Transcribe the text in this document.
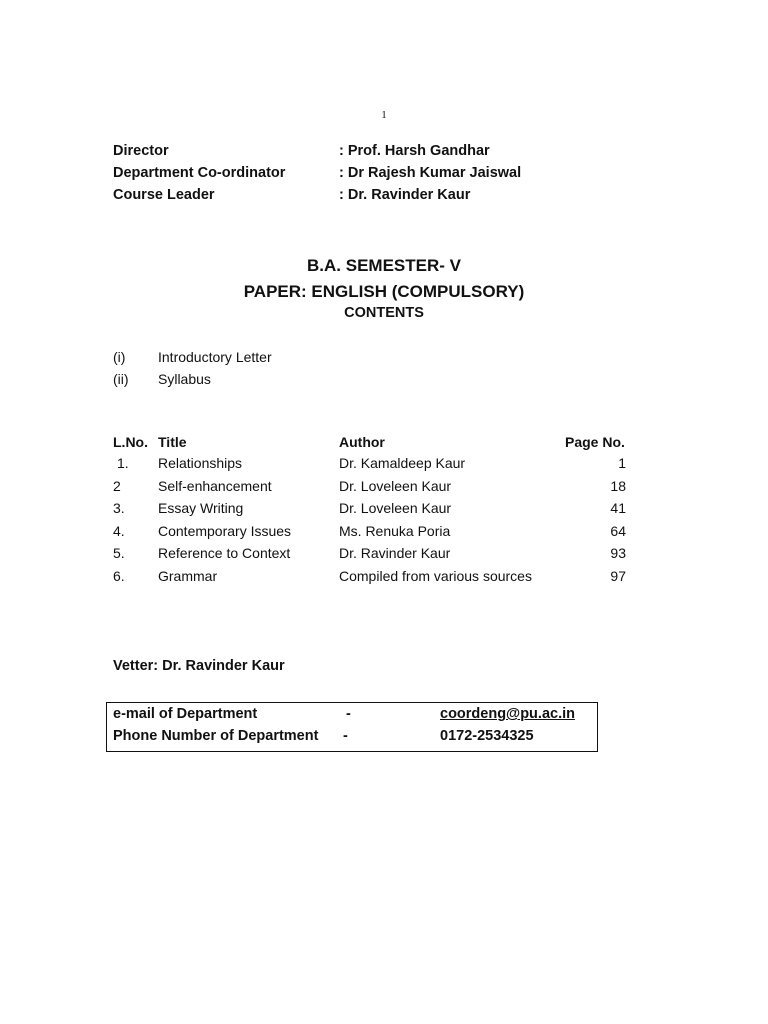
1
Director	: Prof. Harsh Gandhar
Department Co-ordinator	: Dr Rajesh Kumar Jaiswal
Course Leader	: Dr. Ravinder Kaur
B.A. SEMESTER- V
PAPER: ENGLISH (COMPULSORY)
CONTENTS
(i) Introductory Letter
(ii) Syllabus
L.No. Title	Author	Page No.
1. Relationships	Dr. Kamaldeep Kaur	1
2	Self-enhancement	Dr. Loveleen Kaur	18
3. Essay Writing	Dr. Loveleen Kaur	41
4. Contemporary Issues	Ms. Renuka Poria	64
5. Reference to Context	Dr. Ravinder Kaur	93
6. Grammar	Compiled from various sources	97
Vetter: Dr. Ravinder Kaur
e-mail of Department	-	coordeng@pu.ac.in
Phone Number of Department -	0172-2534325
